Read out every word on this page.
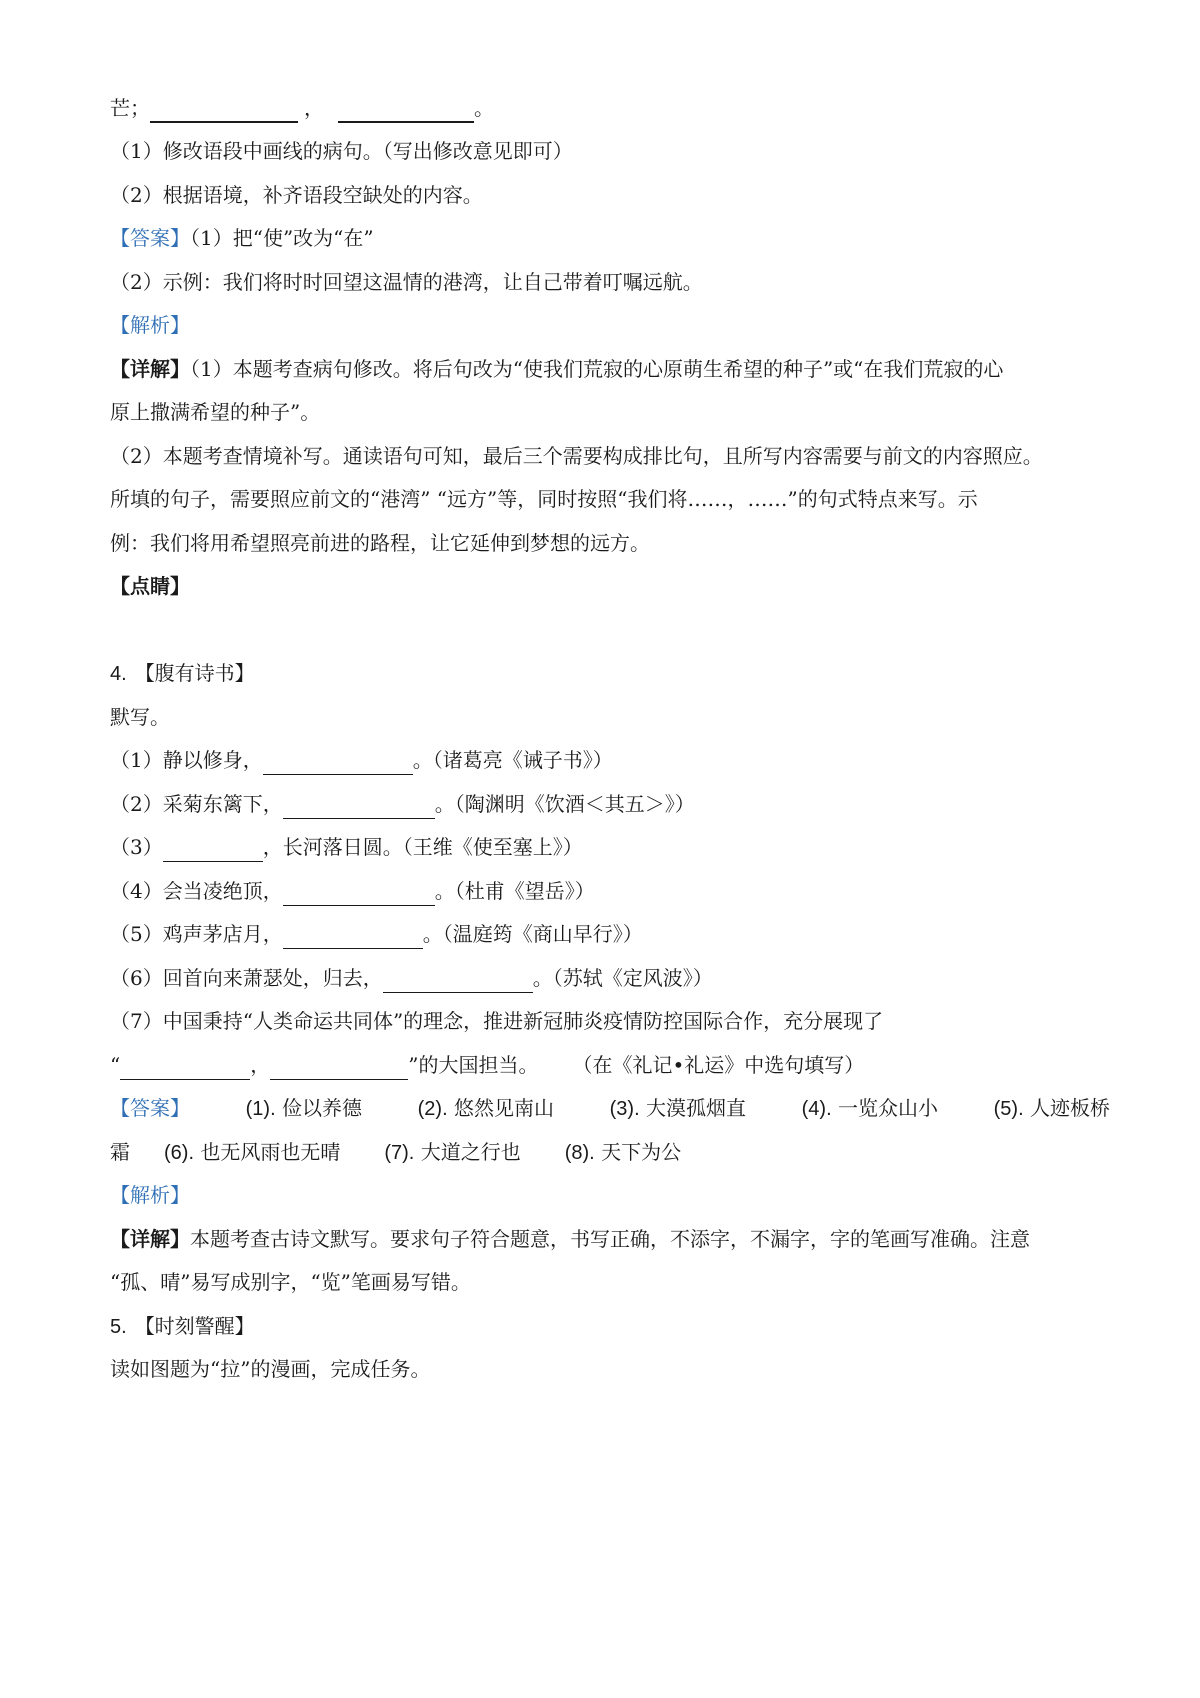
芒；	，	。
（1）修改语段中画线的病句。（写出修改意见即可）
（2）根据语境，补齐语段空缺处的内容。
【答案】（1）把“使”改为“在”
（2）示例：我们将时时回望这温情的港湾，让自己带着叮嘱远航。
【解析】
【详解】（1）本题考查病句修改。将后句改为“使我们荒寂的心原萌生希望的种子”或“在我们荒寂的心
原上撒满希望的种子”。
（2）本题考查情境补写。通读语句可知，最后三个需要构成排比句，且所写内容需要与前文的内容照应。
所填的句子，需要照应前文的“港湾” “远方”等，同时按照“我们将……，……”的句式特点来写。示
例：我们将用希望照亮前进的路程，让它延伸到梦想的远方。
【点睛】
4. 【腹有诗书】
默写。
（1）静以修身，	。（诸葛亮《诫子书》）
（2）采菊东篱下，	。（陶渊明《饮酒＜其五＞》）
（3）	，长河落日圆。（王维《使至塞上》）
（4）会当凌绝顶，	。（杜甫《望岳》）
（5）鸡声茅店月，	。（温庭筠《商山早行》）
（6）回首向来萧瑟处，归去，	。（苏轼《定风波》）
（7）中国秉持“人类命运共同体”的理念，推进新冠肺炎疫情防控国际合作，充分展现了
“	，	”的大国担当。 （在《礼记•礼运》中选句填写）
【答案】	(1). 俭以养德	(2). 悠然见南山	(3). 大漠孤烟直	(4). 一览众山小	(5). 人迹板桥
霜 (6). 也无风雨也无晴 (7). 大道之行也 (8). 天下为公
【解析】
【详解】本题考查古诗文默写。要求句子符合题意，书写正确，不添字，不漏字，字的笔画写准确。注意
“孤、晴”易写成别字，“览”笔画易写错。
5. 【时刻警醒】
读如图题为“拉”的漫画，完成任务。
